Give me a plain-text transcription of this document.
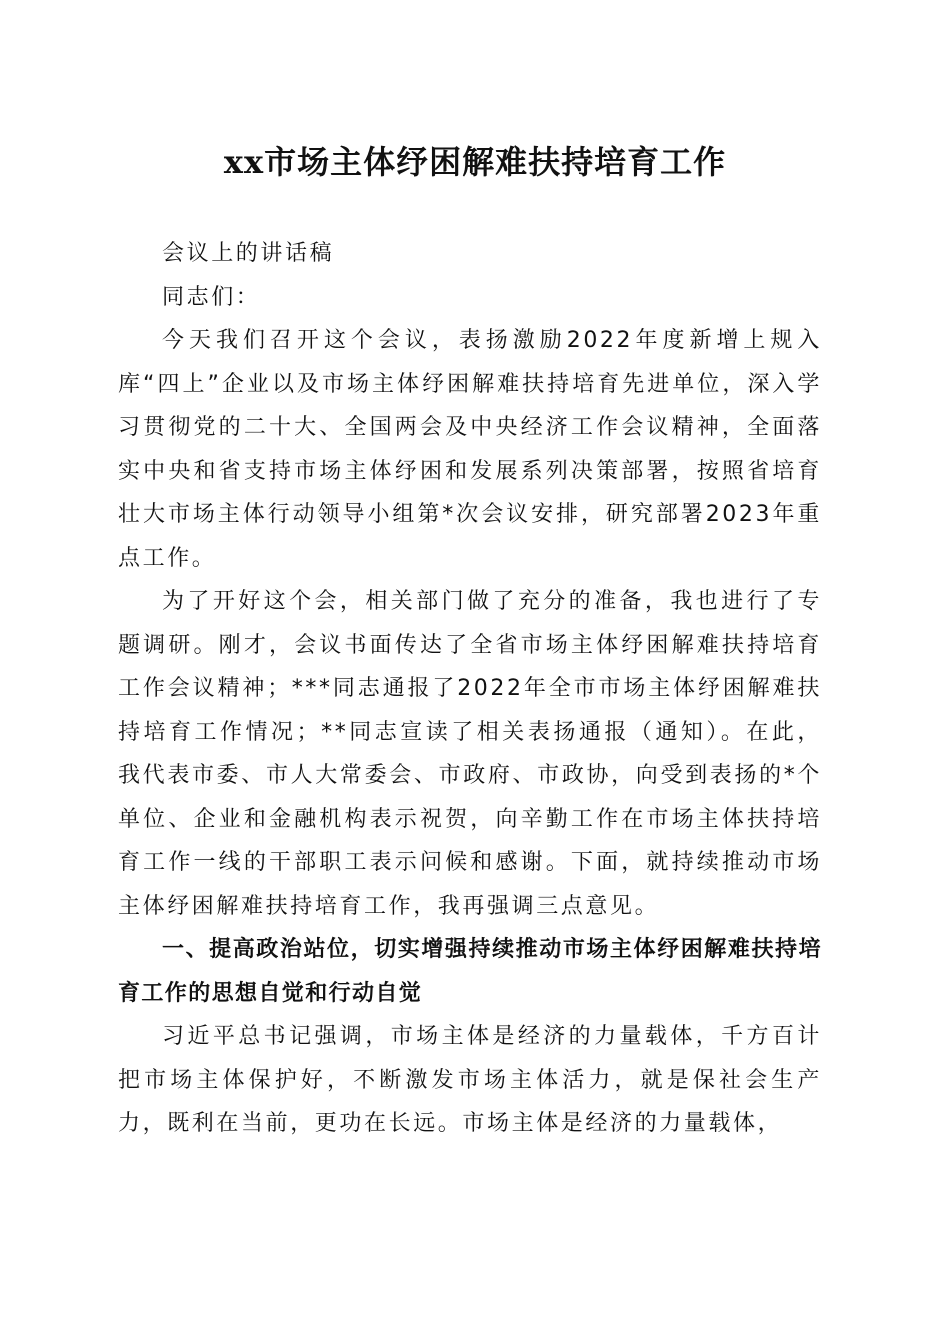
xx市场主体纾困解难扶持培育工作

会议上的讲话稿

同志们：

今天我们召开这个会议，表扬激励2022年度新增上规入库“四上”企业以及市场主体纾困解难扶持培育先进单位，深入学习贯彻党的二十大、全国两会及中央经济工作会议精神，全面落实中央和省支持市场主体纾困和发展系列决策部署，按照省培育壮大市场主体行动领导小组第*次会议安排，研究部署2023年重点工作。

为了开好这个会，相关部门做了充分的准备，我也进行了专题调研。刚才，会议书面传达了全省市场主体纾困解难扶持培育工作会议精神；***同志通报了2022年全市市场主体纾困解难扶持培育工作情况；**同志宣读了相关表扬通报（通知）。在此，我代表市委、市人大常委会、市政府、市政协，向受到表扬的*个单位、企业和金融机构表示祝贺，向辛勤工作在市场主体扶持培育工作一线的干部职工表示问候和感谢。下面，就持续推动市场主体纾困解难扶持培育工作，我再强调三点意见。

一、提高政治站位，切实增强持续推动市场主体纾困解难扶持培育工作的思想自觉和行动自觉

习近平总书记强调，市场主体是经济的力量载体，千方百计把市场主体保护好，不断激发市场主体活力，就是保社会生产力，既利在当前，更功在长远。市场主体是经济的力量载体，
